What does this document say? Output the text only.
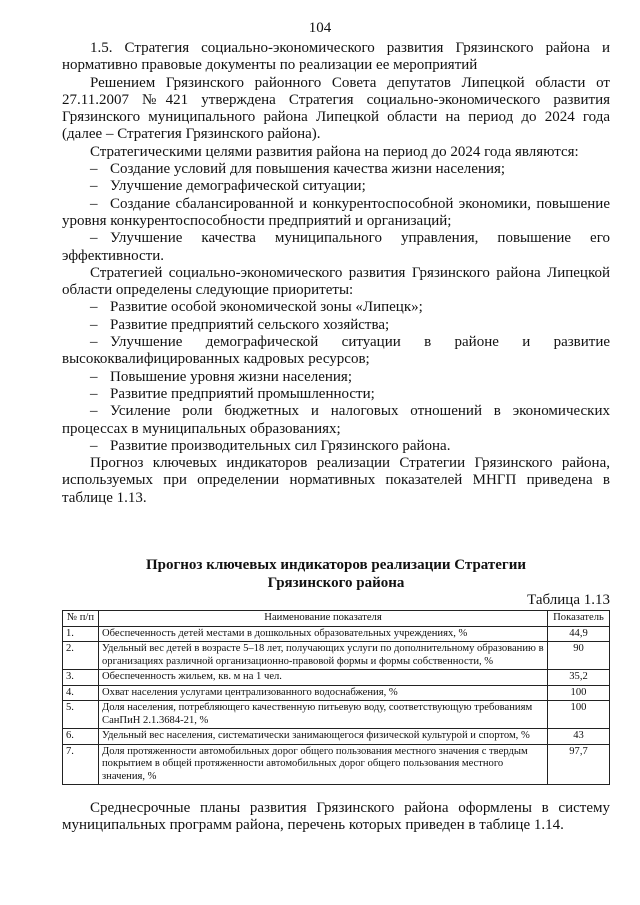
104

1.5. Стратегия социально-экономического развития Грязинского района и нормативно правовые документы по реализации ее мероприятий

Решением Грязинского районного Совета депутатов Липецкой области от 27.11.2007 №421 утверждена Стратегия социально-экономического развития Грязинского муниципального района Липецкой области на период до 2024 года (далее – Стратегия Грязинского района).

Стратегическими целями развития района на период до 2024 года являются:

– Создание условий для повышения качества жизни населения;

– Улучшение демографической ситуации;

– Создание сбалансированной и конкурентоспособной экономики, повышение уровня конкурентоспособности предприятий и организаций;

– Улучшение качества муниципального управления, повышение его эффективности.

Стратегией социально-экономического развития Грязинского района Липецкой области определены следующие приоритеты:

– Развитие особой экономической зоны «Липецк»;

– Развитие предприятий сельского хозяйства;

– Улучшение демографической ситуации в районе и развитие высококвалифицированных кадровых ресурсов;

– Повышение уровня жизни населения;

– Развитие предприятий промышленности;

– Усиление роли бюджетных и налоговых отношений в экономических процессах в муниципальных образованиях;

– Развитие производительных сил Грязинского района.

Прогноз ключевых индикаторов реализации Стратегии Грязинского района, используемых при определении нормативных показателей МНГП приведена в таблице 1.13.

Прогноз ключевых индикаторов реализации Стратегии
Грязинского района
Таблица 1.13
№ п/п	Наименование показателя	Показатель
1.	Обеспеченность детей местами в дошкольных образовательных учреждениях, %	44,9
2.	Удельный вес детей в возрасте 5–18 лет, получающих услуги по дополнительному образованию в организациях различной организационно-правовой формы и формы собственности, %	90
3.	Обеспеченность жильем, кв. м на 1 чел.	35,2
4.	Охват населения услугами централизованного водоснабжения, %	100
5.	Доля населения, потребляющего качественную питьевую воду, соответствующую требованиям СанПиН 2.1.3684-21, %	100
6.	Удельный вес населения, систематически занимающегося физической культурой и спортом, %	43
7.	Доля протяженности автомобильных дорог общего пользования местного значения с твердым покрытием в общей протяженности автомобильных дорог общего пользования местного значения, %	97,7

Среднесрочные планы развития Грязинского района оформлены в систему муниципальных программ района, перечень которых приведен в таблице 1.14.
